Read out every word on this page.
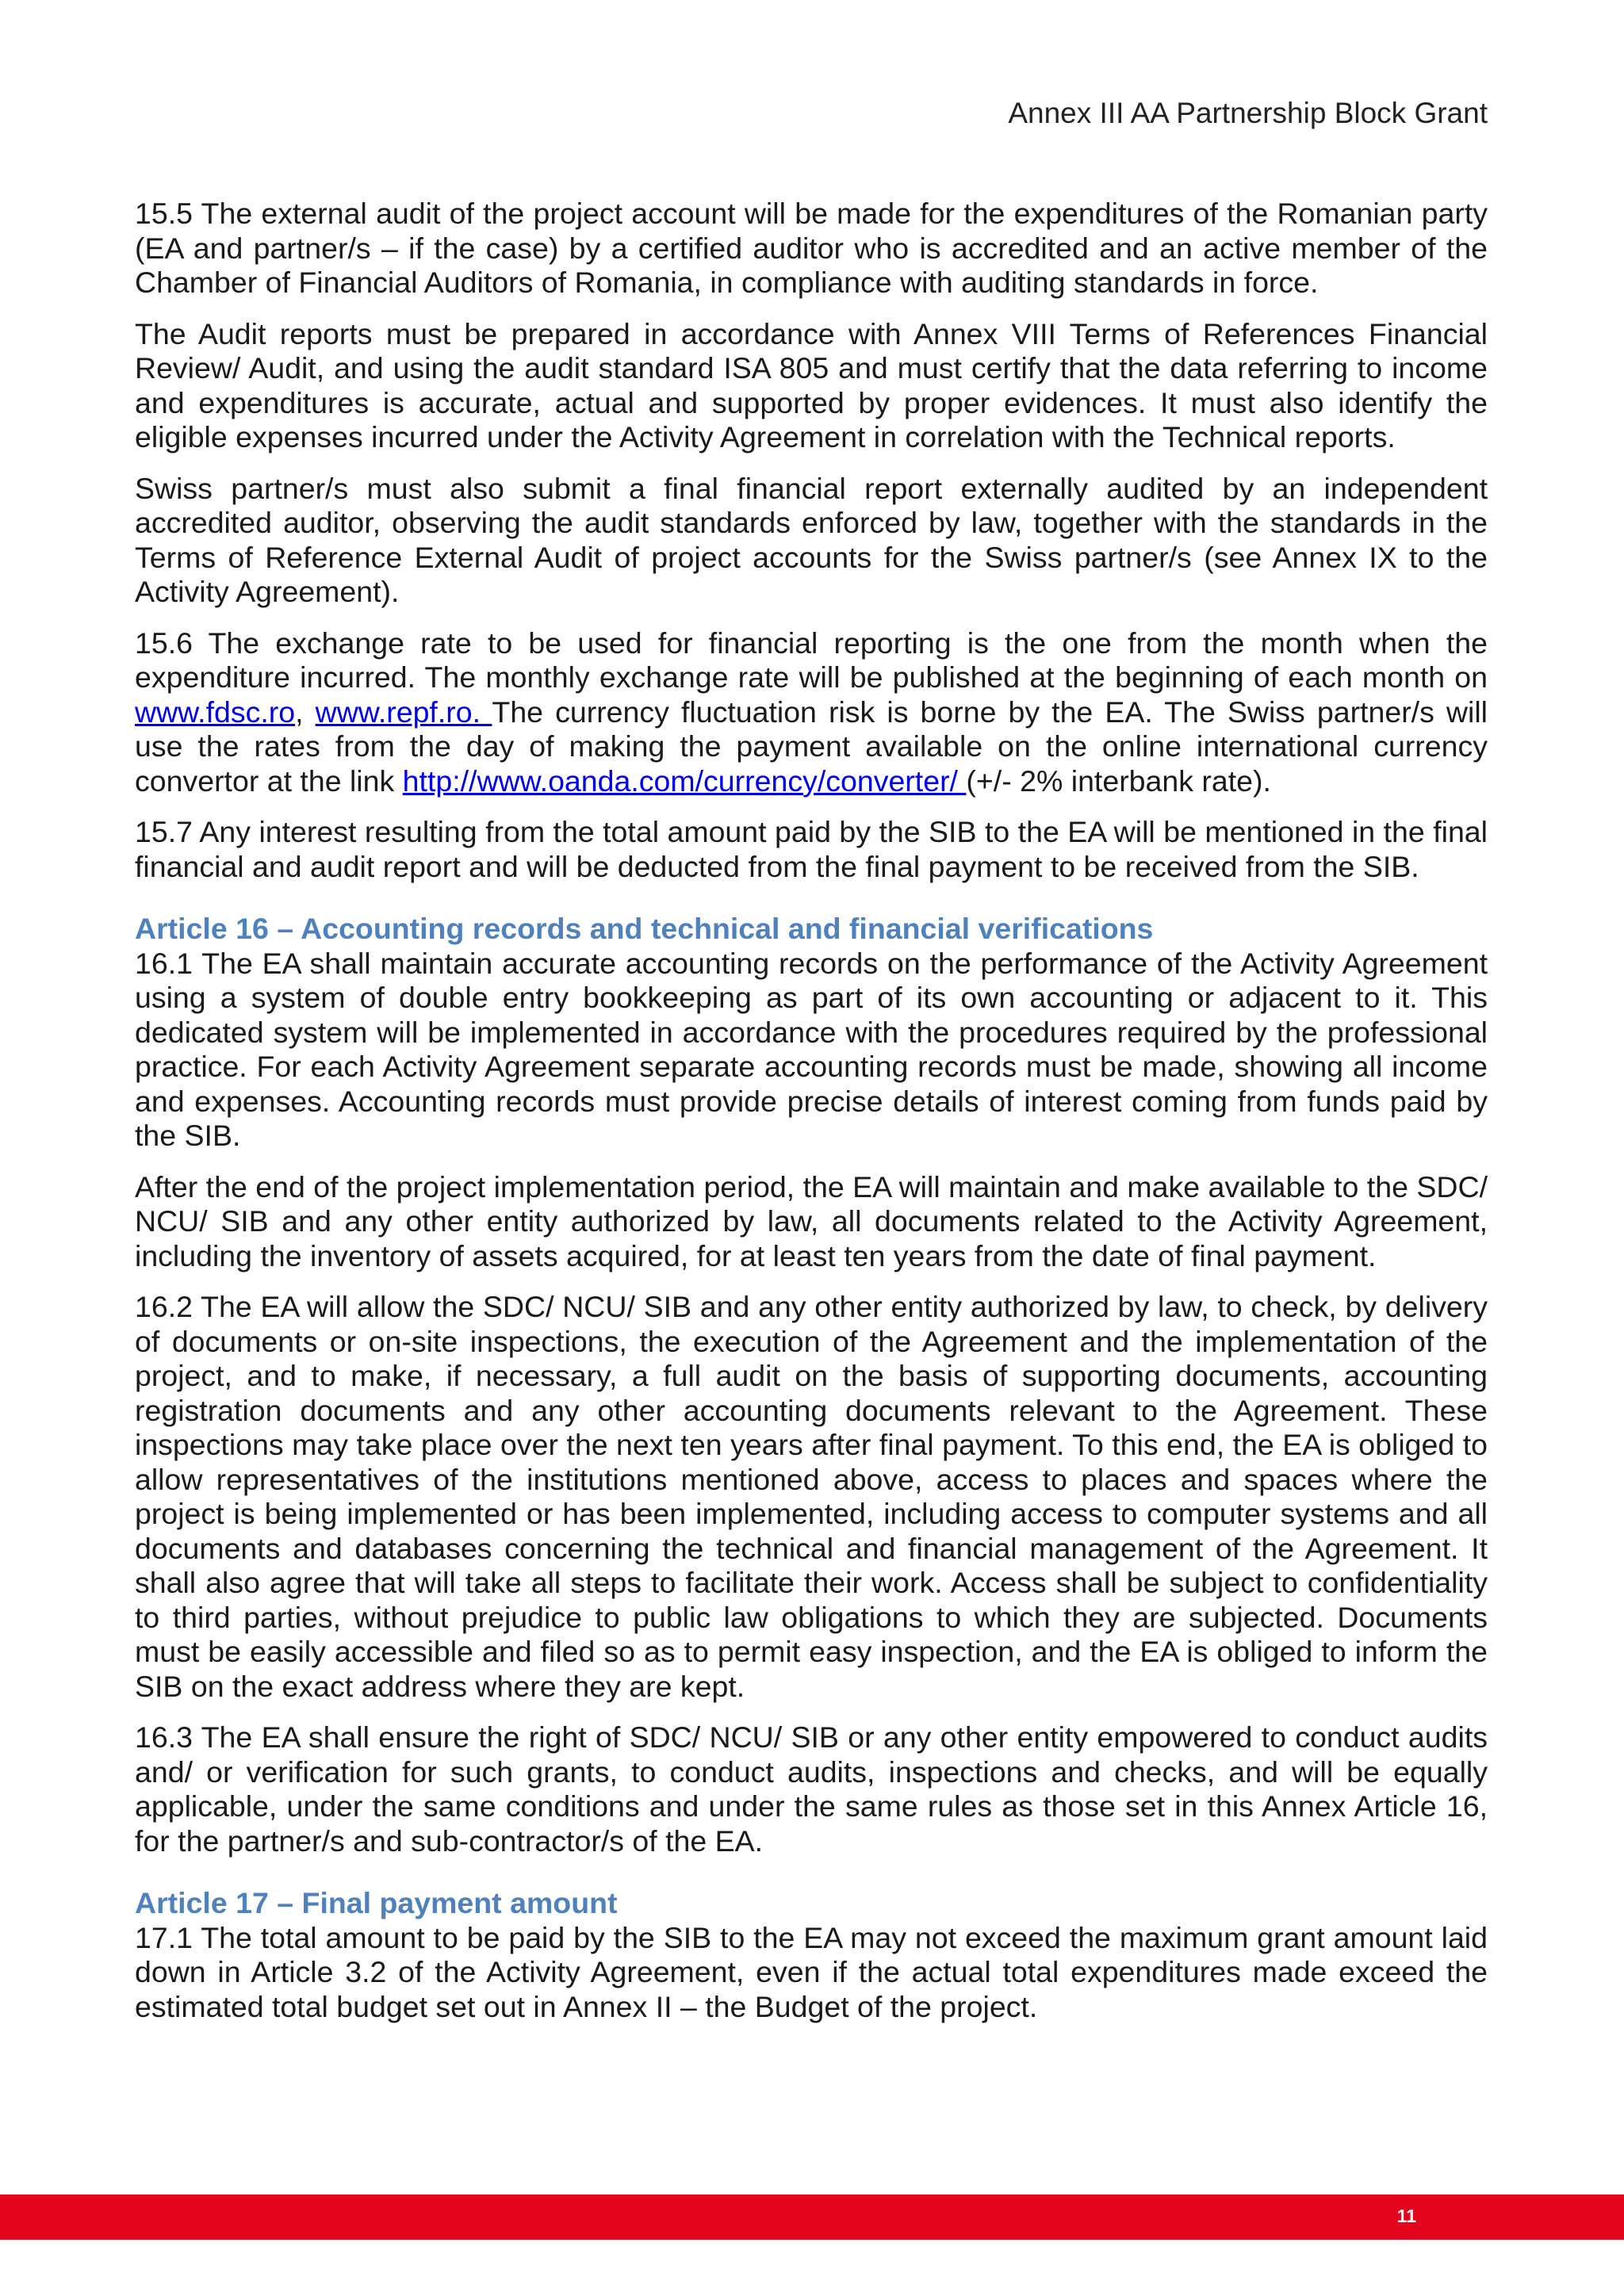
Annex III AA Partnership Block Grant

15.5 The external audit of the project account will be made for the expenditures of the Romanian party (EA and partner/s – if the case) by a certified auditor who is accredited and an active member of the Chamber of Financial Auditors of Romania, in compliance with auditing standards in force.

The Audit reports must be prepared in accordance with Annex VIII Terms of References Financial Review/ Audit, and using the audit standard ISA 805 and must certify that the data referring to income and expenditures is accurate, actual and supported by proper evidences. It must also identify the eligible expenses incurred under the Activity Agreement in correlation with the Technical reports.

Swiss partner/s must also submit a final financial report externally audited by an independent accredited auditor, observing the audit standards enforced by law, together with the standards in the Terms of Reference External Audit of project accounts for the Swiss partner/s (see Annex IX to the Activity Agreement).

15.6 The exchange rate to be used for financial reporting is the one from the month when the expenditure incurred. The monthly exchange rate will be published at the beginning of each month on www.fdsc.ro, www.repf.ro. The currency fluctuation risk is borne by the EA. The Swiss partner/s will use the rates from the day of making the payment available on the online international currency convertor at the link http://www.oanda.com/currency/converter/ (+/- 2% interbank rate).

15.7 Any interest resulting from the total amount paid by the SIB to the EA will be mentioned in the final financial and audit report and will be deducted from the final payment to be received from the SIB.

Article 16 – Accounting records and technical and financial verifications

16.1 The EA shall maintain accurate accounting records on the performance of the Activity Agreement using a system of double entry bookkeeping as part of its own accounting or adjacent to it. This dedicated system will be implemented in accordance with the procedures required by the professional practice. For each Activity Agreement separate accounting records must be made, showing all income and expenses. Accounting records must provide precise details of interest coming from funds paid by the SIB.

After the end of the project implementation period, the EA will maintain and make available to the SDC/ NCU/ SIB and any other entity authorized by law, all documents related to the Activity Agreement, including the inventory of assets acquired, for at least ten years from the date of final payment.

16.2 The EA will allow the SDC/ NCU/ SIB and any other entity authorized by law, to check, by delivery of documents or on-site inspections, the execution of the Agreement and the implementation of the project, and to make, if necessary, a full audit on the basis of supporting documents, accounting registration documents and any other accounting documents relevant to the Agreement. These inspections may take place over the next ten years after final payment. To this end, the EA is obliged to allow representatives of the institutions mentioned above, access to places and spaces where the project is being implemented or has been implemented, including access to computer systems and all documents and databases concerning the technical and financial management of the Agreement. It shall also agree that will take all steps to facilitate their work. Access shall be subject to confidentiality to third parties, without prejudice to public law obligations to which they are subjected. Documents must be easily accessible and filed so as to permit easy inspection, and the EA is obliged to inform the SIB on the exact address where they are kept.

16.3 The EA shall ensure the right of SDC/ NCU/ SIB or any other entity empowered to conduct audits and/ or verification for such grants, to conduct audits, inspections and checks, and will be equally applicable, under the same conditions and under the same rules as those set in this Annex Article 16, for the partner/s and sub-contractor/s of the EA.

Article 17 – Final payment amount

17.1 The total amount to be paid by the SIB to the EA may not exceed the maximum grant amount laid down in Article 3.2 of the Activity Agreement, even if the actual total expenditures made exceed the estimated total budget set out in Annex II – the Budget of the project.

11
